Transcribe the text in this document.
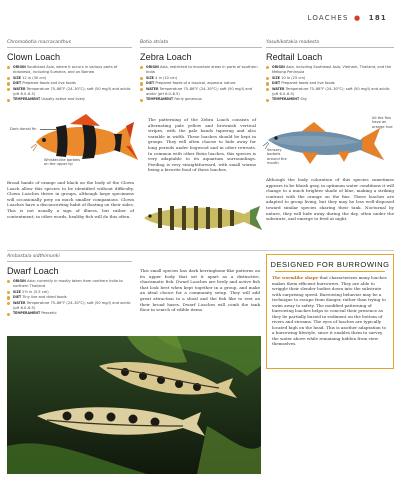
LOACHES ● 181
Chromobotia macracanthus
Clown Loach
ORIGIN Southeast Asia, where it occurs in various parts of Indonesia, including Sumatra, and on Borneo
SIZE 12 in (30 cm)
DIET Prepared foods and live foods
WATER Temperature 75–86°F (24–30°C); soft (50 mg/l) and acidic (pH 6.0–6.5)
TEMPERAMENT Usually active and lively
Dark dorsal fin
Whisker-like barbels on the upper lip
Broad bands of orange and black on the body of the Clown Loach allow this species to be identified without difficulty. Clown Loaches thrive in groups, although large specimens will occasionally prey on much smaller companions. Clown Loaches have a disconcerting habit of floating on their sides. This is not usually a sign of illness, but rather of contentment; in other words, healthy fish will do this often.
Botia striata
Zebra Loach
ORIGIN Asia, restricted to mountain areas in parts of southern India
SIZE 4 in (10 cm)
DIET Prepared foods of a tropical, aqueous nature
WATER Temperature 75–86°F (24–30°C); soft (50 mg/l) and acidic (pH 6.0–6.5)
TEMPERAMENT Fairly generous
The patterning of the Zebra Loach consists of alternating pale yellow and brownish vertical stripes, with the pale bands tapering and also variable in width. These loaches should be kept in groups. They will often choose to hide away for long periods under bogwood and in other retreats. In common with other Botia loaches, this species is very adaptable to its aquarium surroundings. Feeding is very straightforward, with small worms being a favorite food of these loaches.
Yasuhikotakia modesta
Redtail Loach
ORIGIN Asia, including Southeast Asia, Vietnam, Thailand, and the Mekong Peninsula
SIZE 10 in (25 cm)
DIET Prepared foods and live foods
WATER Temperature 75–86°F (24–30°C); soft (50 mg/l) and acidic (pH 6.0–6.5)
TEMPERAMENT Shy
All the fins have an orange hue
Sensory barbels around the mouth
Although the body coloration of this species sometimes appears to be bluish gray, in optimum water conditions it will change to a much brighter shade of blue, making a striking contrast with the orange on the fins. These loaches are adapted to group living, but they may be less well-disposed toward similar species sharing their tank. Nocturnal by nature, they will hide away during the day, often under the substrate, and emerge to feed at night.
Ambastaia sidthimunki
Dwarf Loach
ORIGIN Asia; currently in mostly taken from northern India to northern Thailand
SIZE 2½ in (5.5 cm)
DIET Tiny live and dried foods
WATER Temperature 75–86°F (24–30°C); soft (50 mg/l) and acidic (pH 6.0–6.5)
TEMPERAMENT Peaceful
This small species has dark herringbone-like patterns on its upper body that set it apart as a distinctive, charismatic fish. Dwarf Loaches are lively and active fish that look best when kept together in a group, and make an ideal choice for a community setup. They will add great attraction to a shoal and the fish like to rest on their broad bases. Dwarf Loaches will comb the tank floor in search of edible items.
DESIGNED FOR BURROWING

The wormlike shape that characterizes many loaches makes them efficient burrowers. They are able to wriggle their slender bodies down into the substrate with surprising speed. Burrowing behavior may be a technique to escape from danger, rather than trying to swim away to safety. The modified patterning of burrowing loaches helps to conceal their presence as they lie partially buried in sediment on the bottom of rivers and streams. The eyes of loaches are typically located high on the head. This is another adaptation to a burrowing lifestyle, since it enables them to survey the water above while remaining hidden from view themselves.
